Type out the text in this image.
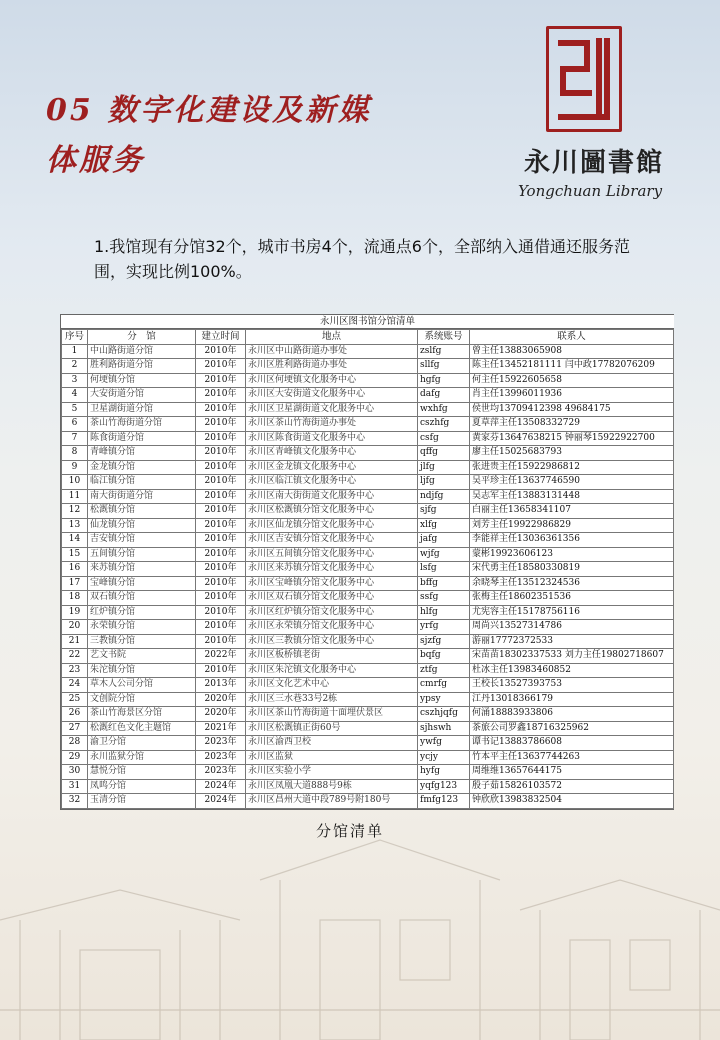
05 数字化建设及新媒
体服务	永川圖書館
Yongchuan Library

1.我馆现有分馆32个，城市书房4个，流通点6个，全部纳入通借通还服务范围，实现比例100%。

永川区图书馆分馆清单
序号	分　馆	建立时间	地点	系统账号	联系人
1	中山路街道分馆	2010年	永川区中山路街道办事处	zslfg	曾主任13883065908
2	胜利路街道分馆	2010年	永川区胜利路街道办事处	sllfg	陈主任13452181111 闫中政17782076209
3	何埂镇分馆	2010年	永川区何埂镇文化服务中心	hgfg	何主任15922605658
4	大安街道分馆	2010年	永川区大安街道文化服务中心	dafg	肖主任13996011936
5	卫星湖街道分馆	2010年	永川区卫星湖街道文化服务中心	wxhfg	侯世均13709412398 49684175
6	茶山竹海街道分馆	2010年	永川区茶山竹海街道办事处	cszhfg	夏草萍主任13508332729
7	陈食街道分馆	2010年	永川区陈食街道文化服务中心	csfg	黄家芬13647638215 钟丽琴15922922700
8	青峰镇分馆	2010年	永川区青峰镇文化服务中心	qffg	廖主任15025683793
9	金龙镇分馆	2010年	永川区金龙镇文化服务中心	jlfg	张进贵主任15922986812
10	临江镇分馆	2010年	永川区临江镇文化服务中心	ljfg	吴平珍主任13637746590
11	南大街街道分馆	2010年	永川区南大街街道文化服务中心	ndjfg	吴志军主任13883131448
12	松溉镇分馆	2010年	永川区松溉镇分馆文化服务中心	sjfg	白丽主任13658341107
13	仙龙镇分馆	2010年	永川区仙龙镇分馆文化服务中心	xlfg	刘芳主任19922986829
14	吉安镇分馆	2010年	永川区吉安镇分馆文化服务中心	jafg	李能祥主任13036361356
15	五间镇分馆	2010年	永川区五间镇分馆文化服务中心	wjfg	蒙彬19923606123
16	来苏镇分馆	2010年	永川区来苏镇分馆文化服务中心	lsfg	宋代勇主任18580330819
17	宝峰镇分馆	2010年	永川区宝峰镇分馆文化服务中心	bffg	余晓琴主任13512324536
18	双石镇分馆	2010年	永川区双石镇分馆文化服务中心	ssfg	张梅主任18602351536
19	红炉镇分馆	2010年	永川区红炉镇分馆文化服务中心	hlfg	尤宪容主任15178756116
20	永荣镇分馆	2010年	永川区永荣镇分馆文化服务中心	yrfg	周尚兴13527314786
21	三教镇分馆	2010年	永川区三教镇分馆文化服务中心	sjzfg	游丽17772372533
22	艺文书院	2022年	永川区板桥镇老街	bqfg	宋苗苗18302337533 刘力主任19802718607
23	朱沱镇分馆	2010年	永川区朱沱镇文化服务中心	ztfg	杜冰主任13983460852
24	草木人公司分馆	2013年	永川区文化艺术中心	cmrfg	王校长13527393753
25	文创院分馆	2020年	永川区三水巷33号2栋	ypsy	江丹13018366179
26	茶山竹海景区分馆	2020年	永川区茶山竹海街道十面埋伏景区	cszhjqfg	何涌18883933806
27	松溉红色文化主题馆	2021年	永川区松溉镇正街60号	sjhswh	茶旅公司罗鑫18716325962
28	渝卫分馆	2023年	永川区渝西卫校	ywfg	谭书记13883786608
29	永川监狱分馆	2023年	永川区监狱	ycjy	竹本平主任13637744263
30	慧悦分馆	2023年	永川区实验小学	hyfg	周维维13657644175
31	凤鸣分馆	2024年	永川区凤凰大道888号9栋	yqfg123	殷子茹15826103572
32	玉清分馆	2024年	永川区昌州大道中段789号附180号	fmfg123	钟欣欣13983832504
分馆清单
